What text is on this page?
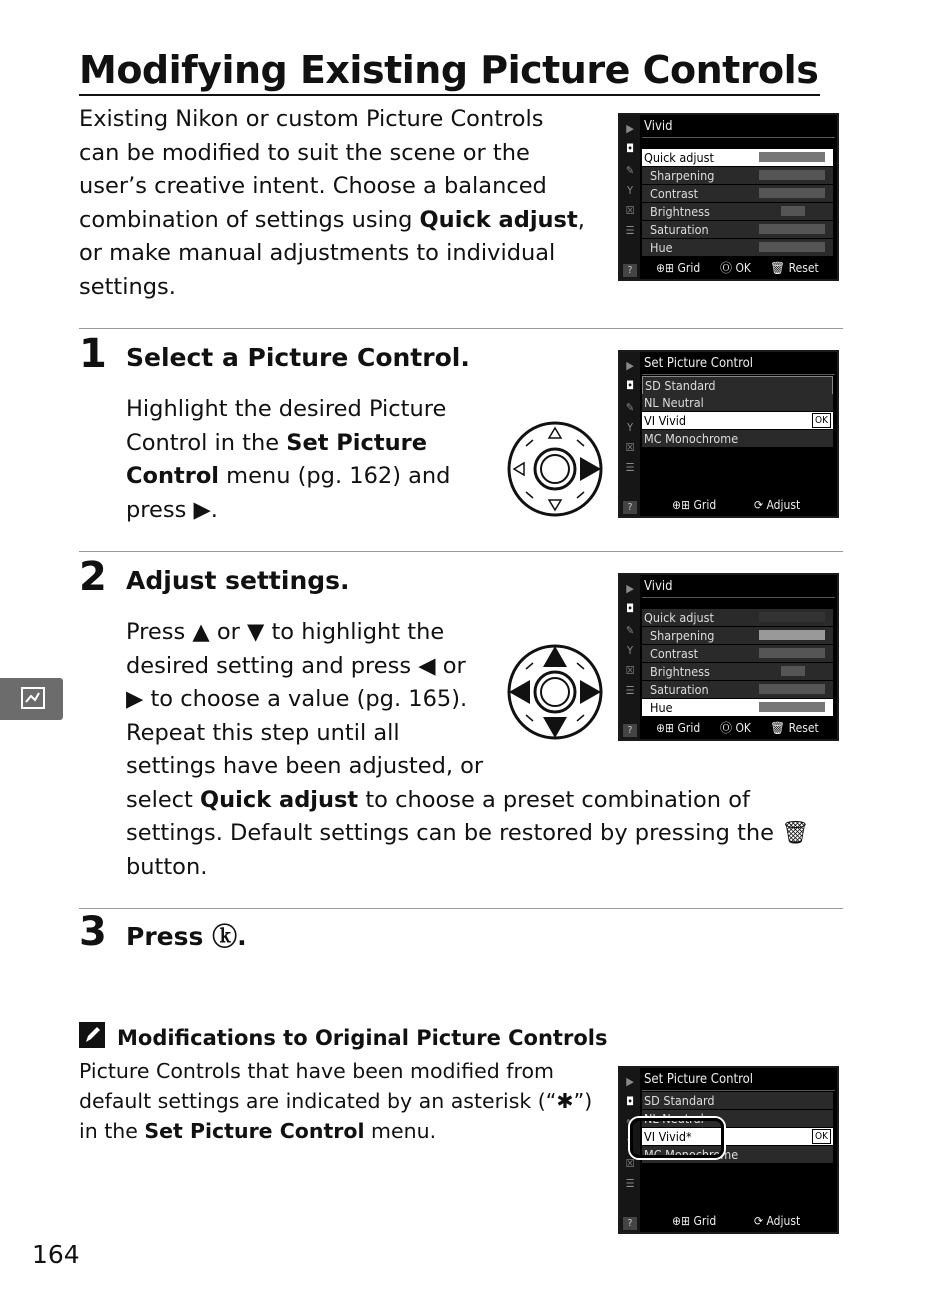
Modifying Existing Picture Controls
Existing Nikon or custom Picture Controls
can be modified to suit the scene or the
user’s creative intent. Choose a balanced
combination of settings using Quick adjust,
or make manual adjustments to individual
settings.
▶
◘
✎
Y
☒
☰
?
Vivid
Quick adjust
Sharpening
Contrast
Brightness
Saturation
Hue
⊕⊞ Grid Ⓞ OK 🗑 Reset
1 Select a Picture Control.
Highlight the desired Picture
Control in the Set Picture
Control menu (pg. 162) and
press ▶.
▶
◘
✎
Y
☒
☰
?
Set Picture Control
SD Standard
NL Neutral
VI Vivid	OK
MC Monochrome
⊕⊞ Grid	⟳ Adjust
2 Adjust settings.
Press ▲ or ▼ to highlight the
desired setting and press ◀ or
▶ to choose a value (pg. 165).
Repeat this step until all
settings have been adjusted, or
select Quick adjust to choose a preset combination of
settings. Default settings can be restored by pressing the 🗑
button.
▶
◘
✎
Y
☒
☰
?
Vivid
Quick adjust
Sharpening
Contrast
Brightness
Saturation
Hue
⊕⊞ Grid Ⓞ OK 🗑 Reset
3 Press ⓚ.
Modifications to Original Picture Controls
Picture Controls that have been modified from
default settings are indicated by an asterisk (“✱”)
in the Set Picture Control menu.
▶
◘
✎
Y
☒
☰
?
Set Picture Control
SD Standard
NL Neutral
VI Vivid*	OK
MC Monochrome
⊕⊞ Grid	⟳ Adjust
164
